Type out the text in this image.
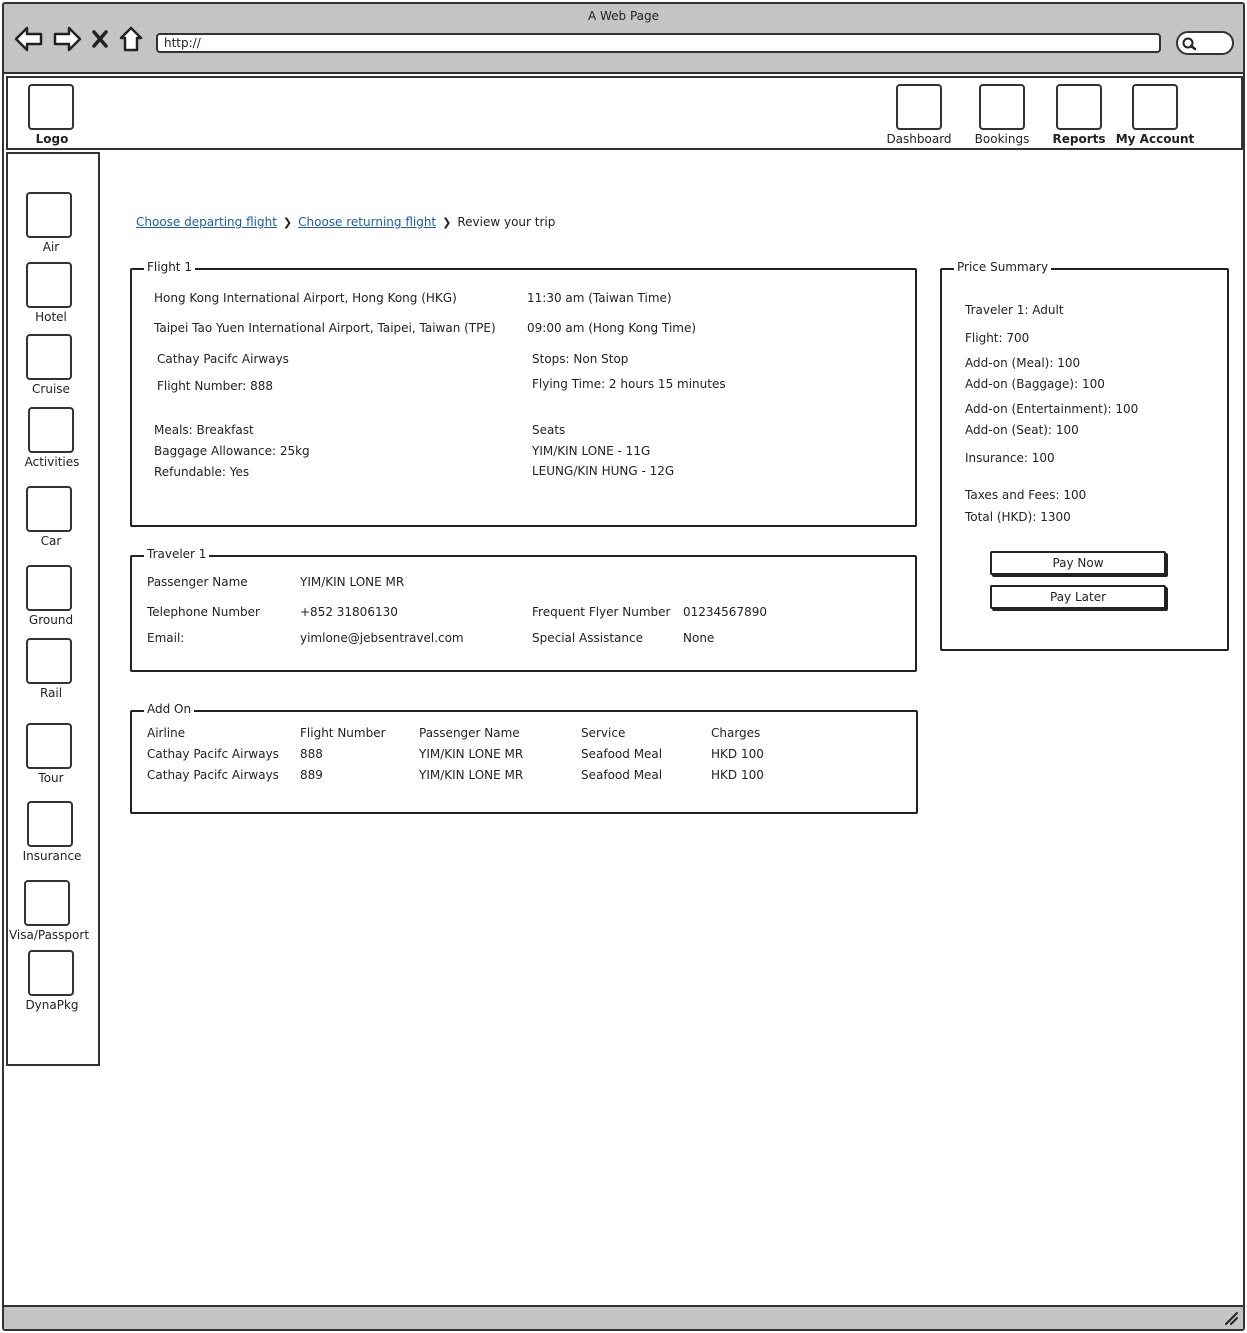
A Web Page
http://
Logo	Dashboard	Bookings	Reports My Account
Air
Hotel
Cruise
Activities
Car
Ground
Rail
Tour
Insurance
Visa/Passport
DynaPkg
Choose departing flight ❯ Choose returning flight ❯ Review your trip
Flight 1
Hong Kong International Airport, Hong Kong (HKG)	11:30 am (Taiwan Time)
Taipei Tao Yuen International Airport, Taipei, Taiwan (TPE)	09:00 am (Hong Kong Time)
Cathay Pacifc Airways	Stops: Non Stop
Flight Number: 888	Flying Time: 2 hours 15 minutes
Meals: Breakfast
Baggage Allowance: 25kg
Refundable: Yes
Seats
YIM/KIN LONE - 11G
LEUNG/KIN HUNG - 12G
Traveler 1
Passenger Name	YIM/KIN LONE MR
Telephone Number	+852 31806130	Frequent Flyer Number 01234567890
Email:	yimlone@jebsentravel.com	Special Assistance	None
Add On
Airline	Flight Number	Passenger Name	Service	Charges
Cathay Pacifc Airways 888	YIM/KIN LONE MR	Seafood Meal	HKD 100
Cathay Pacifc Airways 889	YIM/KIN LONE MR	Seafood Meal	HKD 100
Price Summary
Traveler 1: Adult
Flight: 700
Add-on (Meal): 100
Add-on (Baggage): 100
Add-on (Entertainment): 100
Add-on (Seat): 100
Insurance: 100
Taxes and Fees: 100
Total (HKD): 1300
Pay Now
Pay Later
